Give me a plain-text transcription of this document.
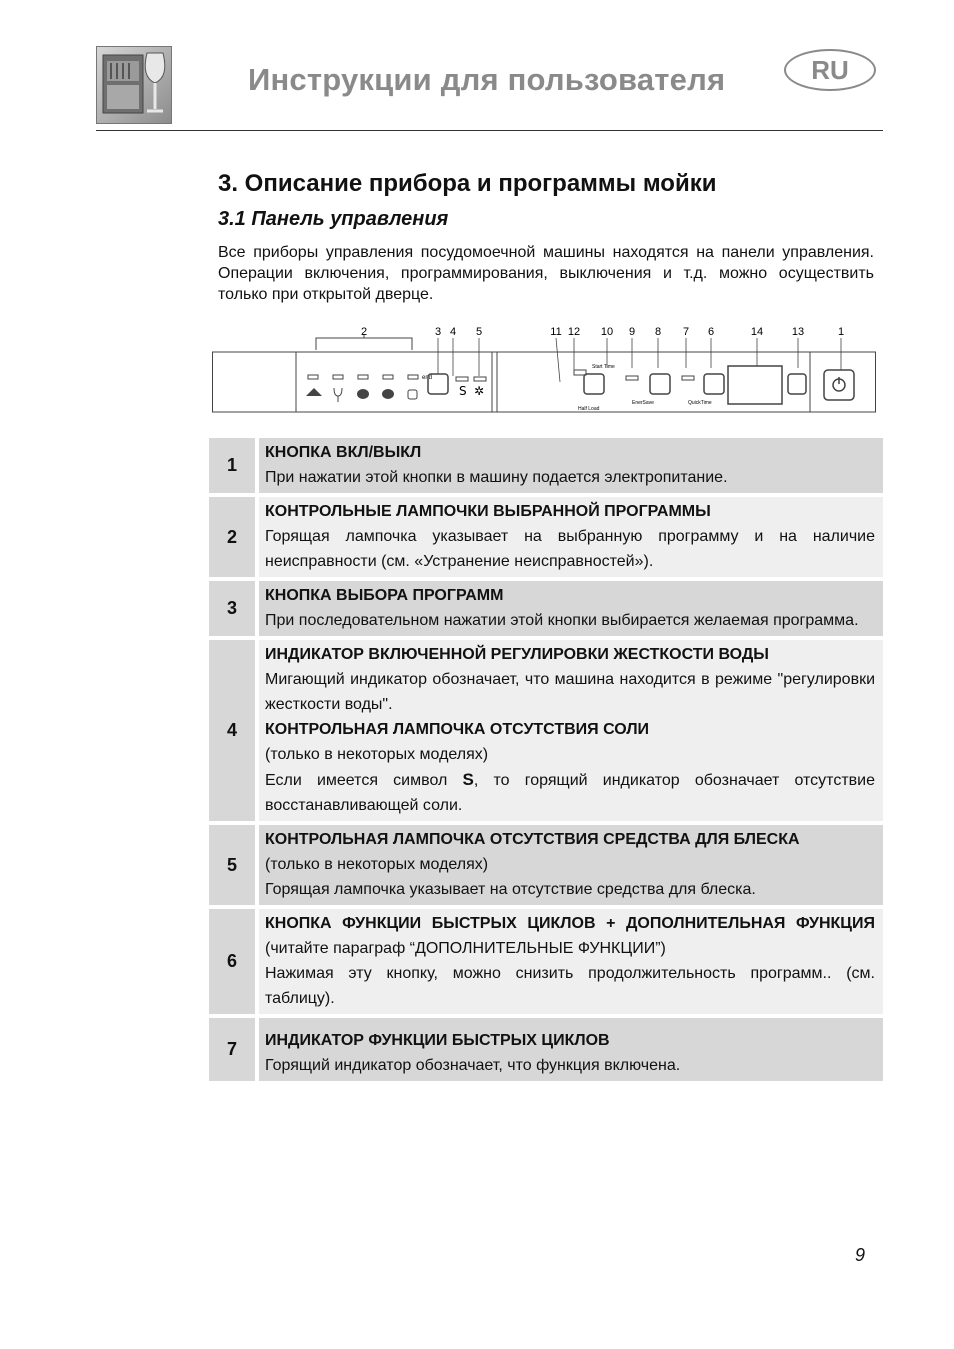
Инструкции для пользователя	RU
3. Описание прибора и программы мойки
3.1 Панель управления
Все приборы управления посудомоечной машины находятся на панели управления. Операции включения, программирования, выключения и т.д. можно осуществить только при открытой дверце.
end
S ✲
Start Time
Half Load
EnerSave	QuickTime
2	3 4 5	11 12 10 9 8 7 6	14	13	1
1

КНОПКА ВКЛ/ВЫКЛ

При нажатии этой кнопки в машину подается электропитание.

2

КОНТРОЛЬНЫЕ ЛАМПОЧКИ ВЫБРАННОЙ ПРОГРАММЫ

Горящая лампочка указывает на выбранную программу и на наличие неисправности (см. «Устранение неисправностей»).

3

КНОПКА ВЫБОРА ПРОГРАММ

При последовательном нажатии этой кнопки выбирается желаемая программа.

4

ИНДИКАТОР ВКЛЮЧЕННОЙ РЕГУЛИРОВКИ ЖЕСТКОСТИ ВОДЫ

Мигающий индикатор обозначает, что машина находится в режиме "регулировки жесткости воды".

КОНТРОЛЬНАЯ ЛАМПОЧКА ОТСУТСТВИЯ СОЛИ

(только в некоторых моделях)

Если имеется символ S, то горящий индикатор обозначает отсутствие восстанавливающей соли.

5

КОНТРОЛЬНАЯ ЛАМПОЧКА ОТСУТСТВИЯ СРЕДСТВА ДЛЯ БЛЕСКА

(только в некоторых моделях)

Горящая лампочка указывает на отсутствие средства для блеска.

6

КНОПКА ФУНКЦИИ БЫСТРЫХ ЦИКЛОВ + ДОПОЛНИТЕЛЬНАЯ ФУНКЦИЯ (читайте параграф “ДОПОЛНИТЕЛЬНЫЕ ФУНКЦИИ”)

Нажимая эту кнопку, можно снизить продолжительность программ.. (см. таблицу).

7	ИНДИКАТОР ФУНКЦИИ БЫСТРЫХ ЦИКЛОВ

Горящий индикатор обозначает, что функция включена.

9
